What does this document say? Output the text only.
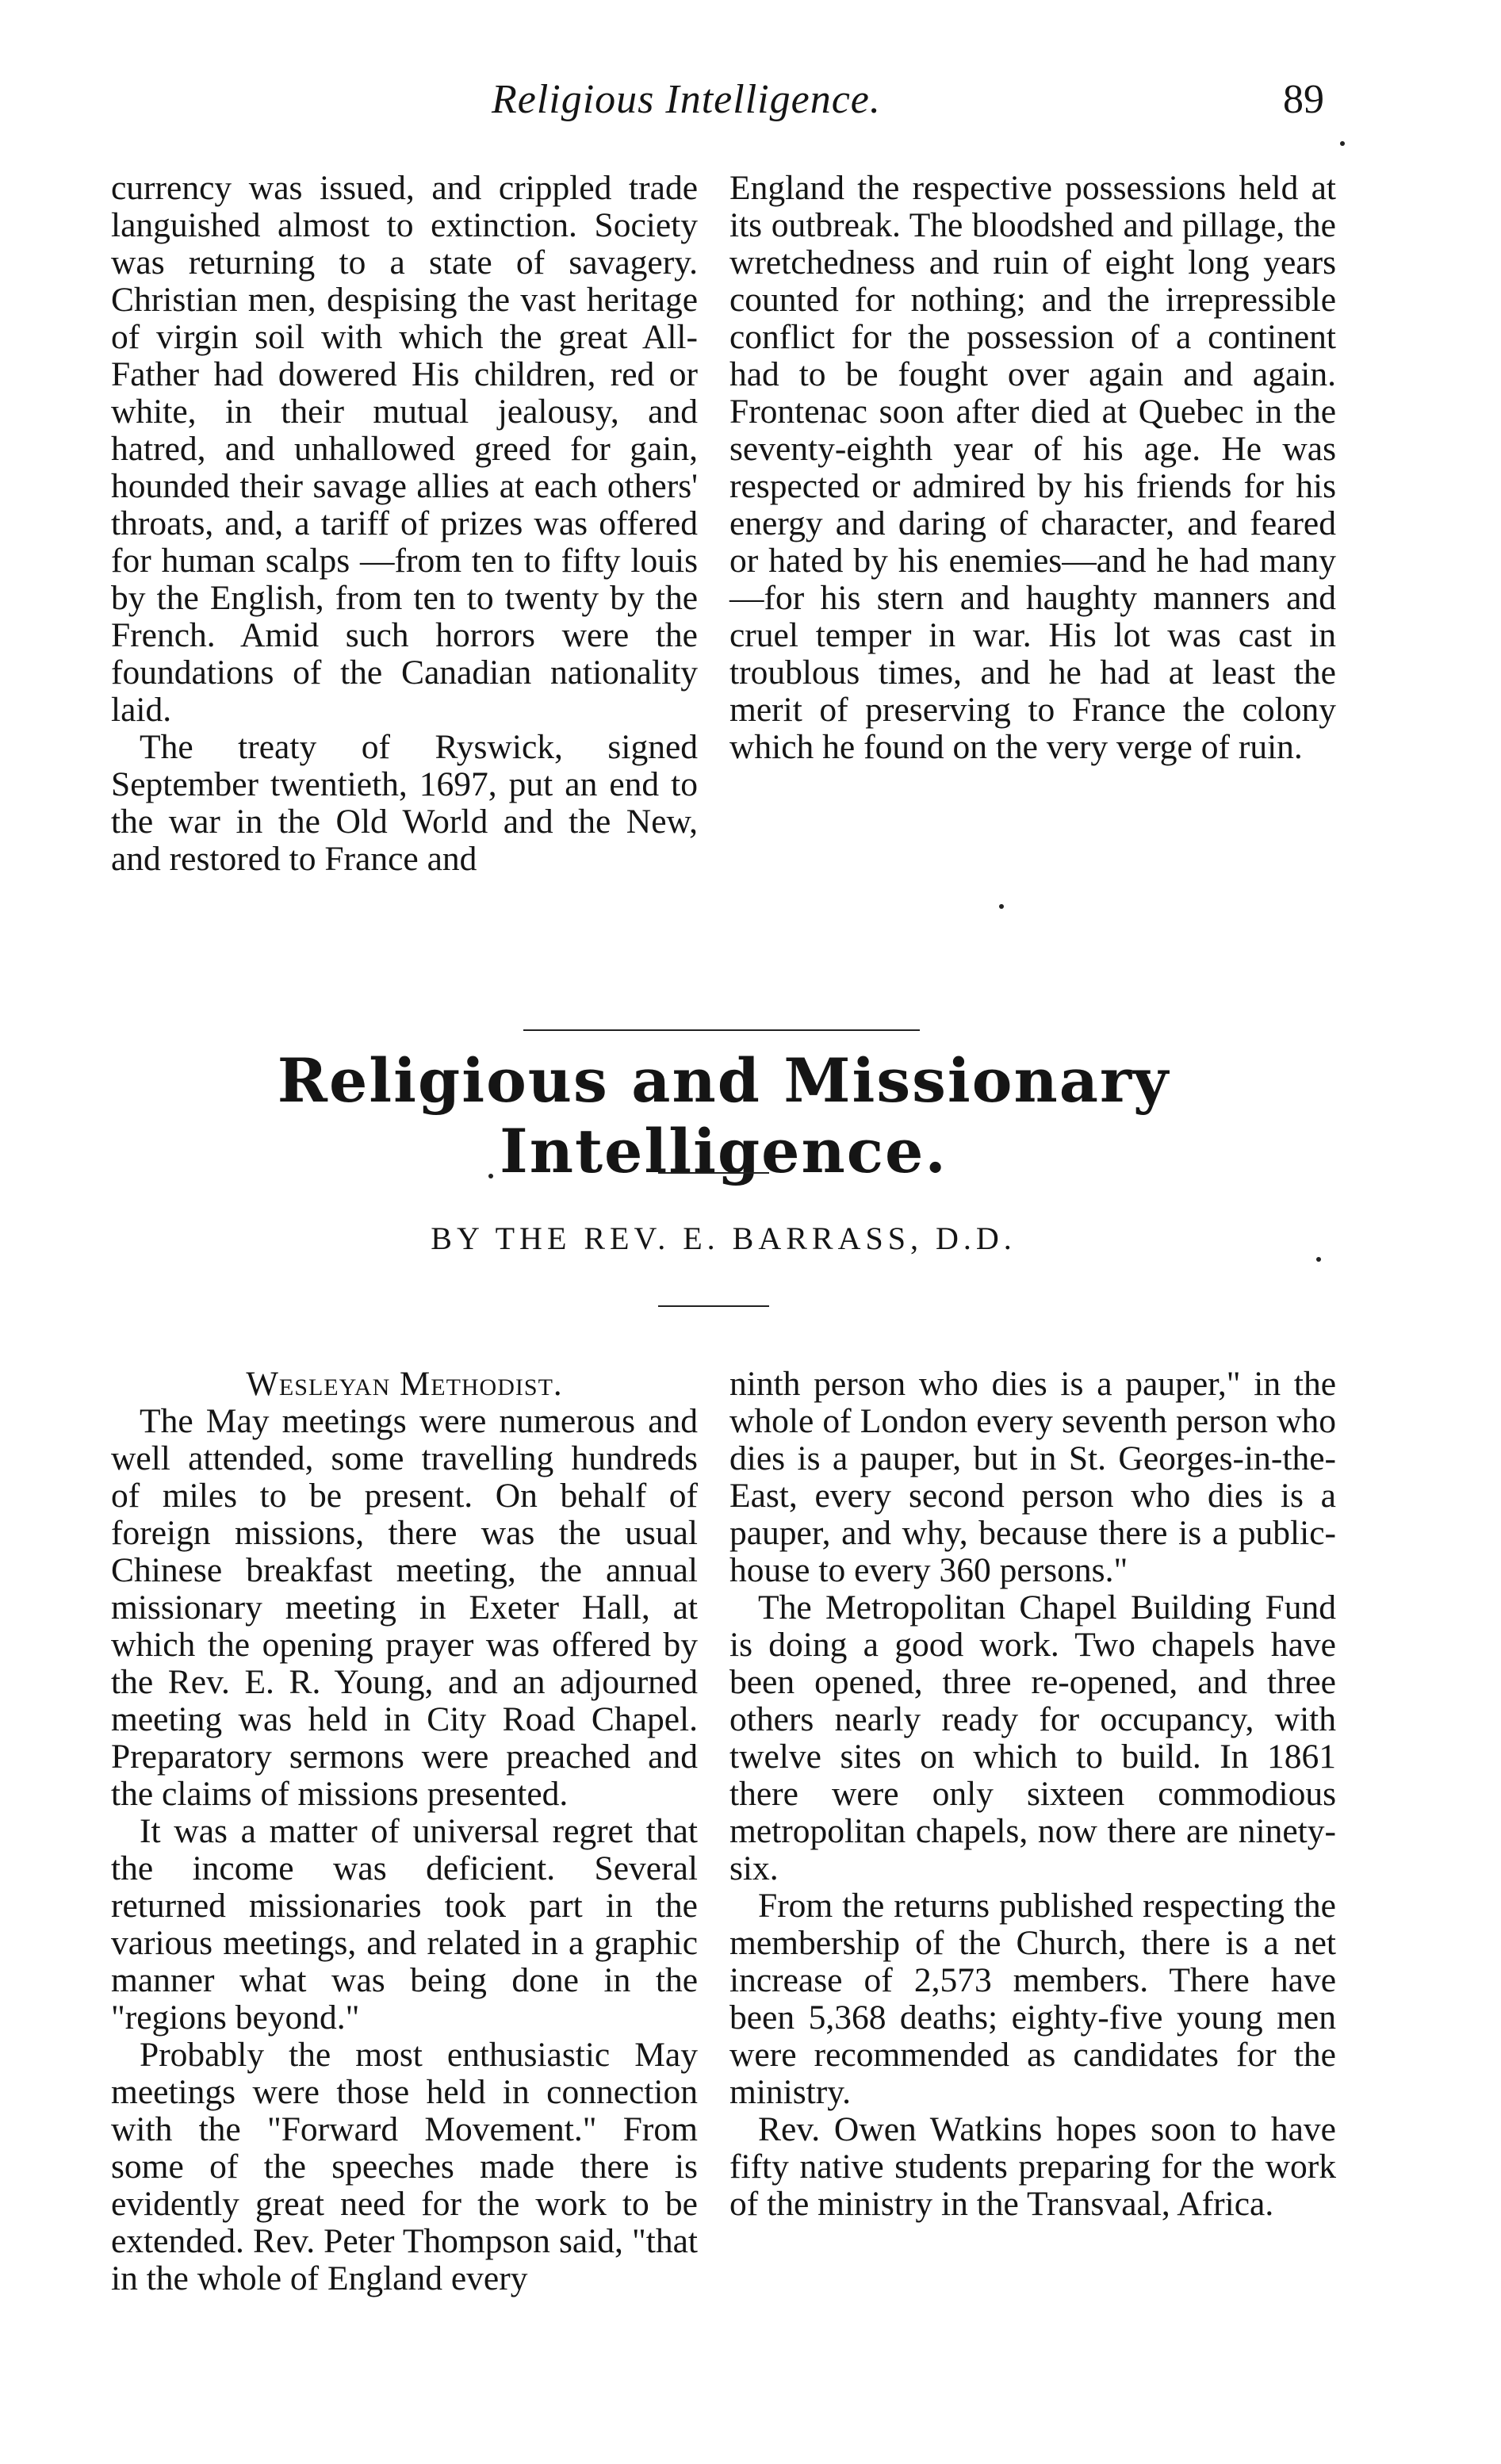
Religious Intelligence.	89

currency was issued, and crippled trade languished almost to extinction. Society was returning to a state of savagery. Christian men, despising the vast heritage of virgin soil with which the great All-Father had dowered His children, red or white, in their mutual jealousy, and hatred, and unhallowed greed for gain, hounded their savage allies at each others' throats, and, a tariff of prizes was offered for human scalps —from ten to fifty louis by the English, from ten to twenty by the French. Amid such horrors were the foundations of the Canadian nationality laid.

The treaty of Ryswick, signed September twentieth, 1697, put an end to the war in the Old World and the New, and restored to France and

England the respective possessions held at its outbreak. The bloodshed and pillage, the wretchedness and ruin of eight long years counted for nothing; and the irrepressible conflict for the possession of a continent had to be fought over again and again. Frontenac soon after died at Quebec in the seventy-eighth year of his age. He was respected or admired by his friends for his energy and daring of character, and feared or hated by his enemies—and he had many—for his stern and haughty manners and cruel temper in war. His lot was cast in troublous times, and he had at least the merit of preserving to France the colony which he found on the very verge of ruin.

Religious and Missionary Intelligence.
BY THE REV. E. BARRASS, D.D.

Wesleyan Methodist.

The May meetings were numerous and well attended, some travelling hundreds of miles to be present. On behalf of foreign missions, there was the usual Chinese breakfast meeting, the annual missionary meeting in Exeter Hall, at which the opening prayer was offered by the Rev. E. R. Young, and an adjourned meeting was held in City Road Chapel. Preparatory sermons were preached and the claims of missions presented.

It was a matter of universal regret that the income was deficient. Several returned missionaries took part in the various meetings, and related in a graphic manner what was being done in the "regions beyond."

Probably the most enthusiastic May meetings were those held in connection with the "Forward Movement." From some of the speeches made there is evidently great need for the work to be extended. Rev. Peter Thompson said, "that in the whole of England every

ninth person who dies is a pauper," in the whole of London every seventh person who dies is a pauper, but in St. Georges-in-the-East, every second person who dies is a pauper, and why, because there is a public-house to every 360 persons."

The Metropolitan Chapel Building Fund is doing a good work. Two chapels have been opened, three re-opened, and three others nearly ready for occupancy, with twelve sites on which to build. In 1861 there were only sixteen commodious metropolitan chapels, now there are ninety-six.

From the returns published respecting the membership of the Church, there is a net increase of 2,573 members. There have been 5,368 deaths; eighty-five young men were recommended as candidates for the ministry.

Rev. Owen Watkins hopes soon to have fifty native students preparing for the work of the ministry in the Transvaal, Africa.
